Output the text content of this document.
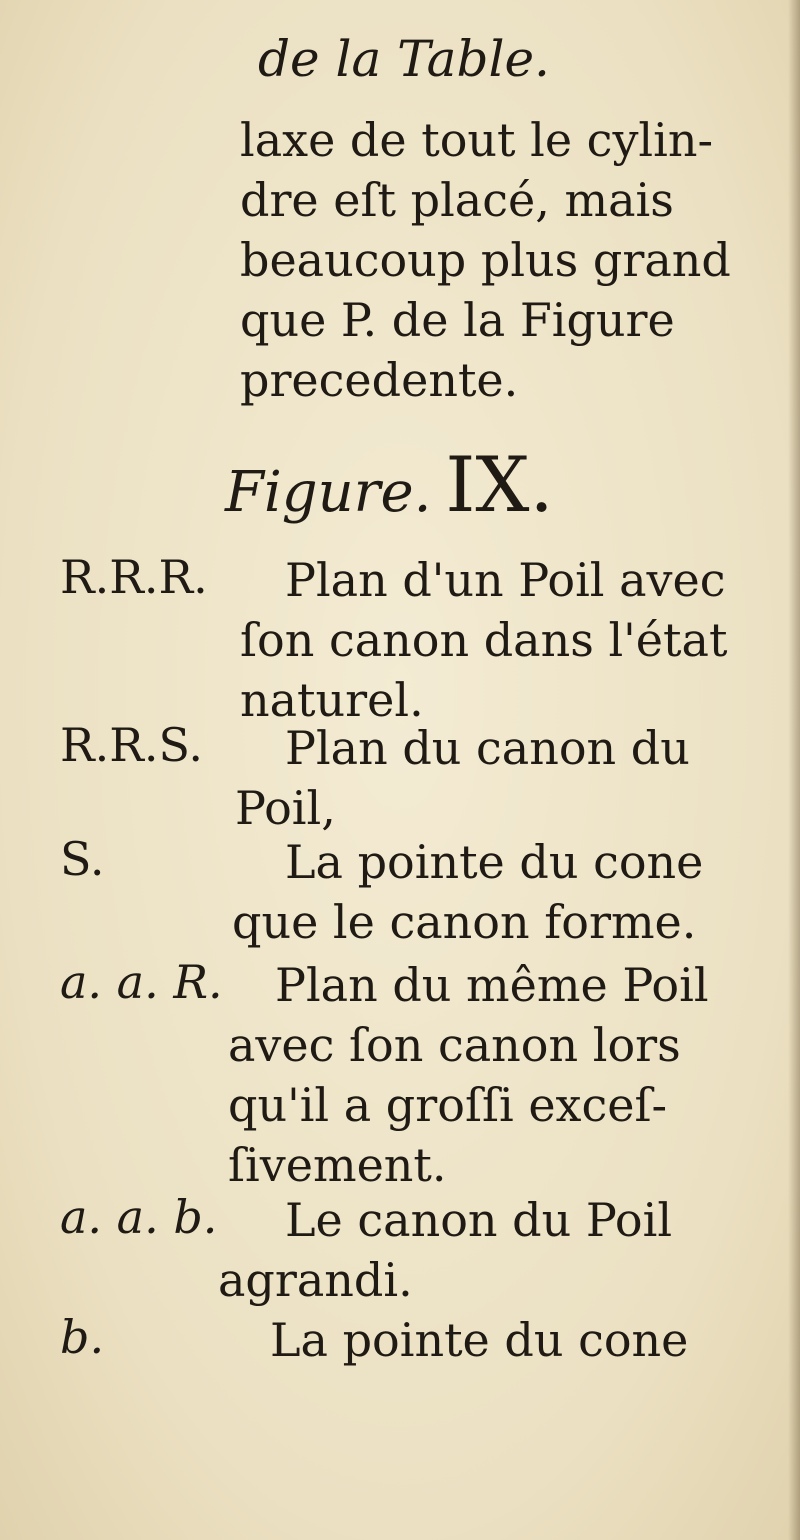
de la Table.
laxe de tout le cylin-
dre eſt placé, mais
beaucoup plus grand
que P. de la Figure
precedente.
Figure. IX.
R.R.R. Plan d'un Poil avec
ſon canon dans l'état
naturel.
R.R.S. Plan du canon du
Poil,
S.	La pointe du cone
que le canon forme.
a. a. R. Plan du même Poil
avec ſon canon lors
qu'il a groſſi exceſ-
ſivement.
a. a. b. Le canon du Poil
agrandi.
b.	La pointe du cone
